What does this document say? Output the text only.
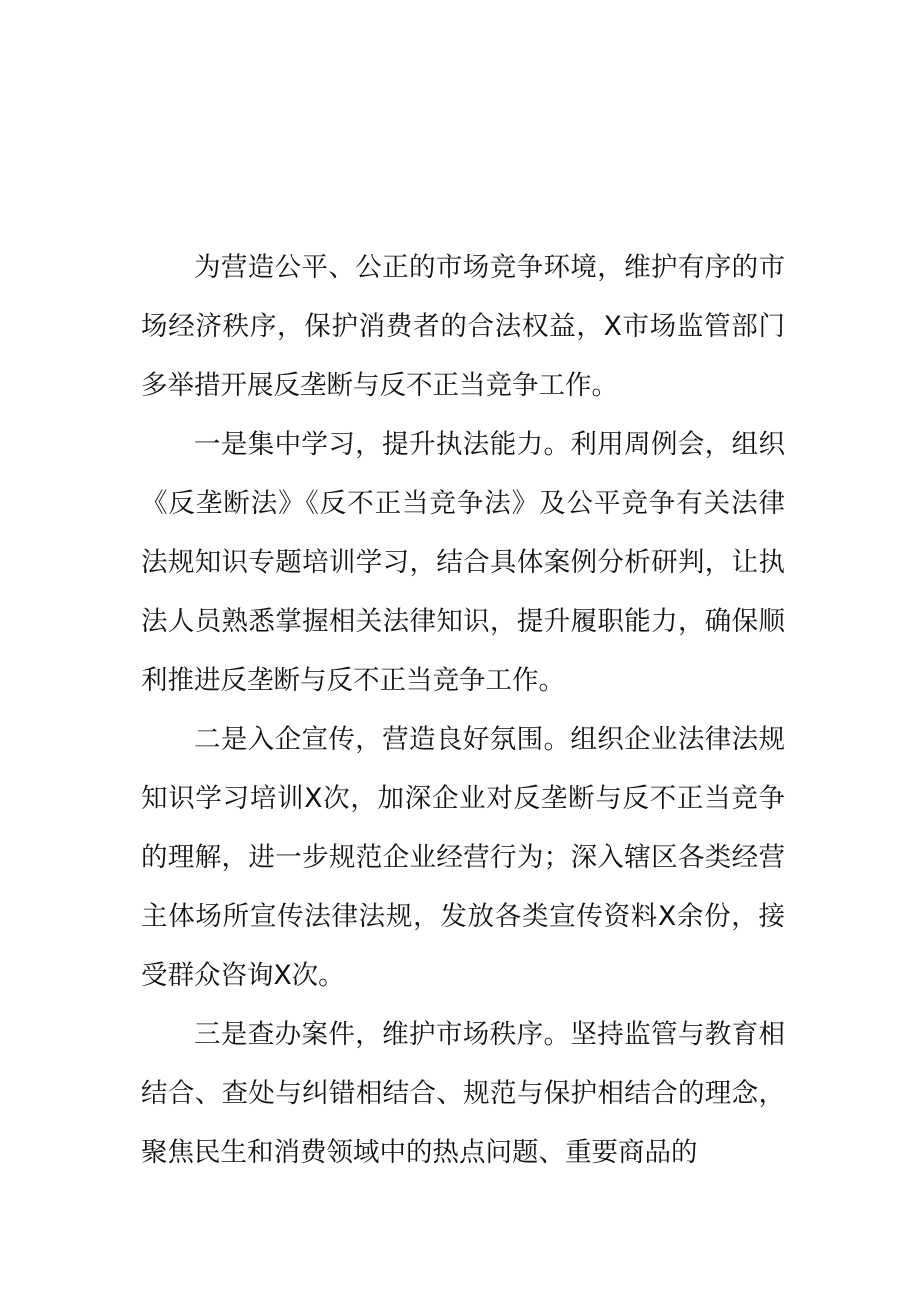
为营造公平、公正的市场竞争环境，维护有序的市场经济秩序，保护消费者的合法权益，X市场监管部门多举措开展反垄断与反不正当竞争工作。

一是集中学习，提升执法能力。利用周例会，组织《反垄断法》《反不正当竞争法》及公平竞争有关法律法规知识专题培训学习，结合具体案例分析研判，让执法人员熟悉掌握相关法律知识，提升履职能力，确保顺利推进反垄断与反不正当竞争工作。

二是入企宣传，营造良好氛围。组织企业法律法规知识学习培训X次，加深企业对反垄断与反不正当竞争的理解，进一步规范企业经营行为；深入辖区各类经营主体场所宣传法律法规，发放各类宣传资料X余份，接受群众咨询X次。

三是查办案件，维护市场秩序。坚持监管与教育相结合、查处与纠错相结合、规范与保护相结合的理念，聚焦民生和消费领域中的热点问题、重要商品的
